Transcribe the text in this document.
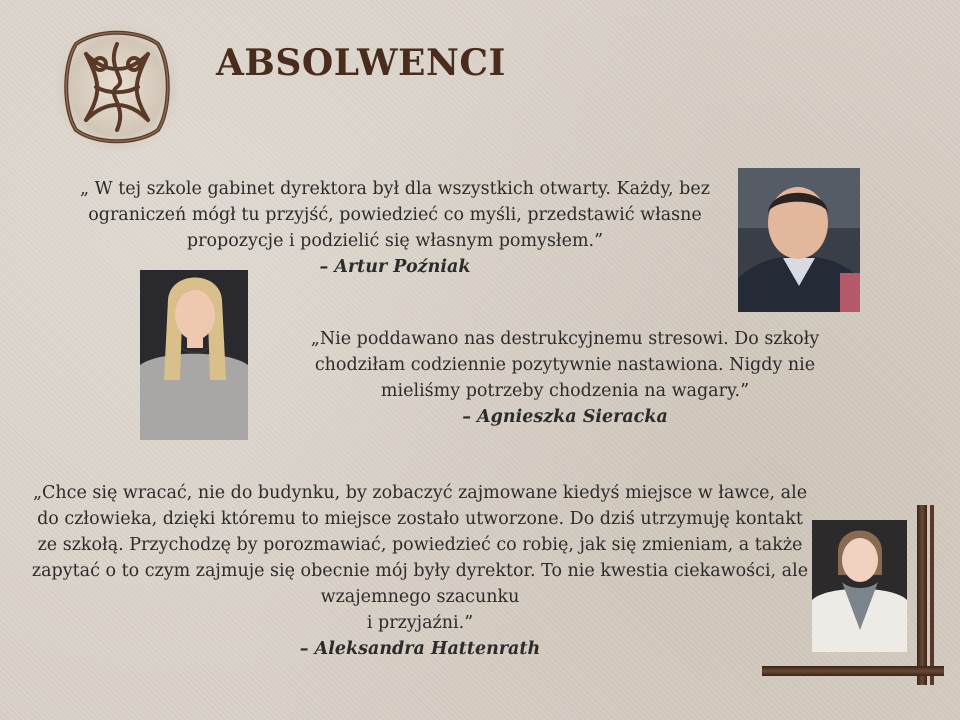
ABSOLWENCI
„ W tej szkole gabinet dyrektora był dla wszystkich otwarty. Każdy, bez ograniczeń mógł tu przyjść, powiedzieć co myśli, przedstawić własne propozycje i podzielić się własnym pomysłem.”
– Artur Poźniak
„Nie poddawano nas destrukcyjnemu stresowi. Do szkoły chodziłam codziennie pozytywnie nastawiona. Nigdy nie mieliśmy potrzeby chodzenia na wagary.”
– Agnieszka Sieracka
„Chce się wracać, nie do budynku, by zobaczyć zajmowane kiedyś miejsce w ławce, ale do człowieka, dzięki któremu to miejsce zostało utworzone. Do dziś utrzymuję kontakt ze szkołą. Przychodzę by porozmawiać, powiedzieć co robię, jak się zmieniam, a także zapytać o to czym zajmuje się obecnie mój były dyrektor. To nie kwestia ciekawości, ale wzajemnego szacunku
i przyjaźni.”
– Aleksandra Hattenrath
